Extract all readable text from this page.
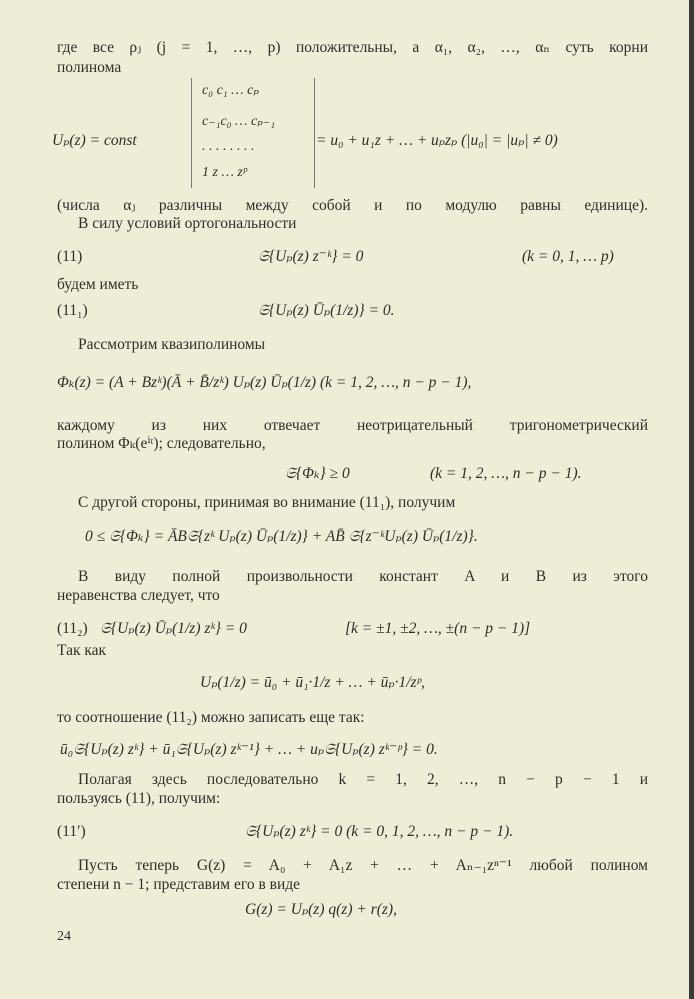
где все ρⱼ (j = 1, …, p) положительны, а α₁, α₂, …, αₙ суть корни
полинома
Uₚ(z) = const
c₀ c₁ … cₚ
c₋₁c₀ … cₚ₋₁
. . . . . . . .
1 z … zᵖ
= u₀ + u₁z + … + uₚzₚ (|u₀| = |uₚ| ≠ 0)
(числа αⱼ различны между собой и по модулю равны единице).
В силу условий ортогональности
(11)	𝔖{Uₚ(z) z⁻ᵏ} = 0	(k = 0, 1, … p)
будем иметь
(11₁)	𝔖{Uₚ(z) Ūₚ(1/z)} = 0.
Рассмотрим квазиполиномы
Φₖ(z) = (A + Bzᵏ)(Ā + B̄/zᵏ) Uₚ(z) Ūₚ(1/z) (k = 1, 2, …, n − p − 1),
каждому из них отвечает неотрицательный тригонометрический
полином Φₖ(eⁱᵗ); следовательно,
𝔖{Φₖ} ≥ 0	(k = 1, 2, …, n − p − 1).
С другой стороны, принимая во внимание (11₁), получим
0 ≤ 𝔖{Φₖ} = ĀB𝔖{zᵏ Uₚ(z) Ūₚ(1/z)} + AB̄ 𝔖{z⁻ᵏUₚ(z) Ūₚ(1/z)}.
В виду полной произвольности констант A и B из этого
неравенства следует, что
(11₂) 𝔖{Uₚ(z) Ūₚ(1/z) zᵏ} = 0	[k = ±1, ±2, …, ±(n − p − 1)]
Так как
Uₚ(1/z) = ū₀ + ū₁·1/z + … + ūₚ·1/zᵖ,
то соотношение (11₂) можно записать еще так:
ū₀𝔖{Uₚ(z) zᵏ} + ū₁𝔖{Uₚ(z) zᵏ⁻¹} + … + uₚ𝔖{Uₚ(z) zᵏ⁻ᵖ} = 0.
Полагая здесь последовательно k = 1, 2, …, n − p − 1 и
пользуясь (11), получим:
(11′)	𝔖{Uₚ(z) zᵏ} = 0 (k = 0, 1, 2, …, n − p − 1).
Пусть теперь G(z) = A₀ + A₁z + … + Aₙ₋₁zⁿ⁻¹ любой полином
степени n − 1; представим его в виде
G(z) = Uₚ(z) q(z) + r(z),
24
